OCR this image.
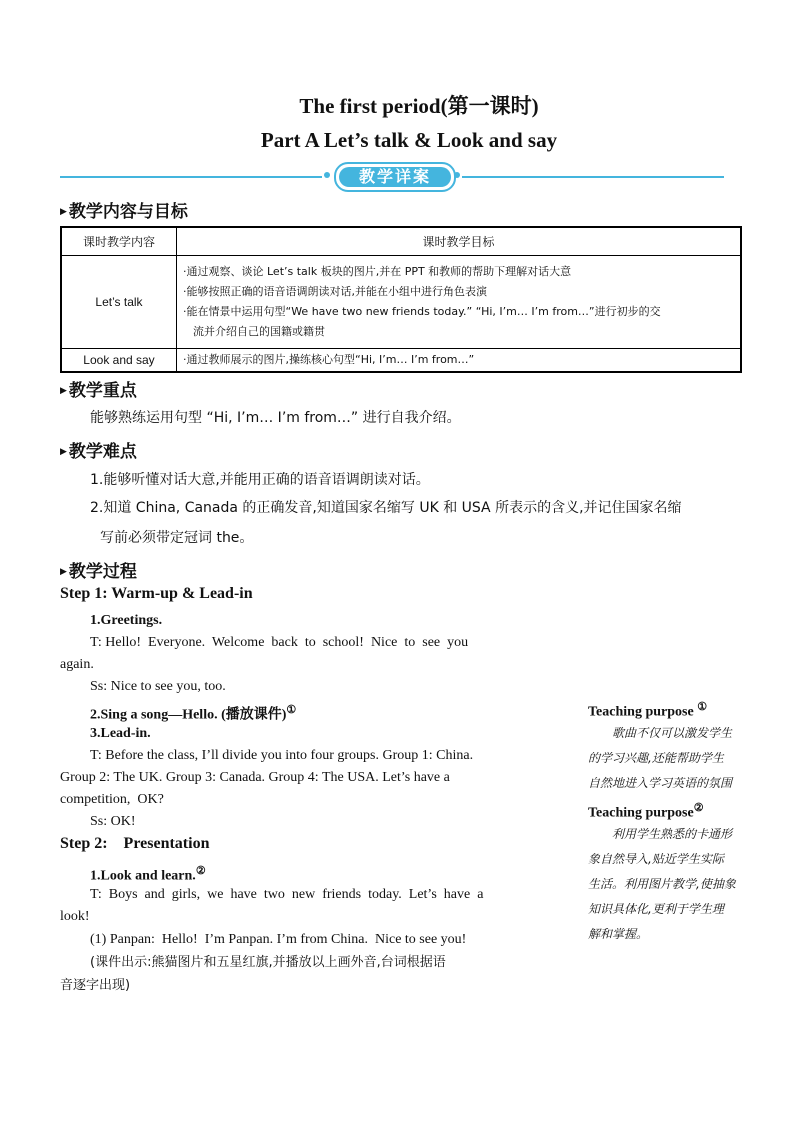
The first period(第一课时)
Part A Let’s talk & Look and say
教学详案
▶ 教学内容与目标
课时教学内容	课时教学目标
Let’s talk	·通过观察、谈论 Let’s talk 板块的图片,并在 PPT 和教师的帮助下理解对话大意
·能够按照正确的语音语调朗读对话,并能在小组中进行角色表演
·能在情景中运用句型“We have two new friends today.” “Hi, I’m… I’m from…”进行初步的交
流并介绍自己的国籍或籍贯

Look and say	·通过教师展示的图片,操练核心句型“Hi, I’m… I’m from…”
▶ 教学重点
能够熟练运用句型 “Hi, I’m… I’m from…” 进行自我介绍。
▶ 教学难点
1.能够听懂对话大意,并能用正确的语音语调朗读对话。
2.知道 China, Canada 的正确发音,知道国家名缩写 UK 和 USA 所表示的含义,并记住国家名缩
写前必须带定冠词 the。
▶ 教学过程
Step 1: Warm-up & Lead-in
1.Greetings.
T: Hello!  Everyone.  Welcome  back  to  school!  Nice  to  see  you
again.
Ss: Nice to see you, too.
2.Sing a song—Hello. (播放课件)①
3.Lead-in.
T: Before the class, I’ll divide you into four groups. Group 1: China.
Group 2: The UK. Group 3: Canada. Group 4: The USA. Let’s have a
competition,  OK?
Ss: OK!
Step 2:    Presentation
1.Look and learn.②
T:  Boys  and  girls,  we  have  two  new  friends  today.  Let’s  have  a
look!
(1) Panpan:  Hello!  I’m Panpan. I’m from China.  Nice to see you!
(课件出示:熊猫图片和五星红旗,并播放以上画外音,台词根据语
音逐字出现)
Teaching purpose ①
歌曲不仅可以激发学生
的学习兴趣,还能帮助学生
自然地进入学习英语的氛围
Teaching purpose②
利用学生熟悉的卡通形
象自然导入,贴近学生实际
生活。利用图片教学,使抽象
知识具体化,更利于学生理
解和掌握。
